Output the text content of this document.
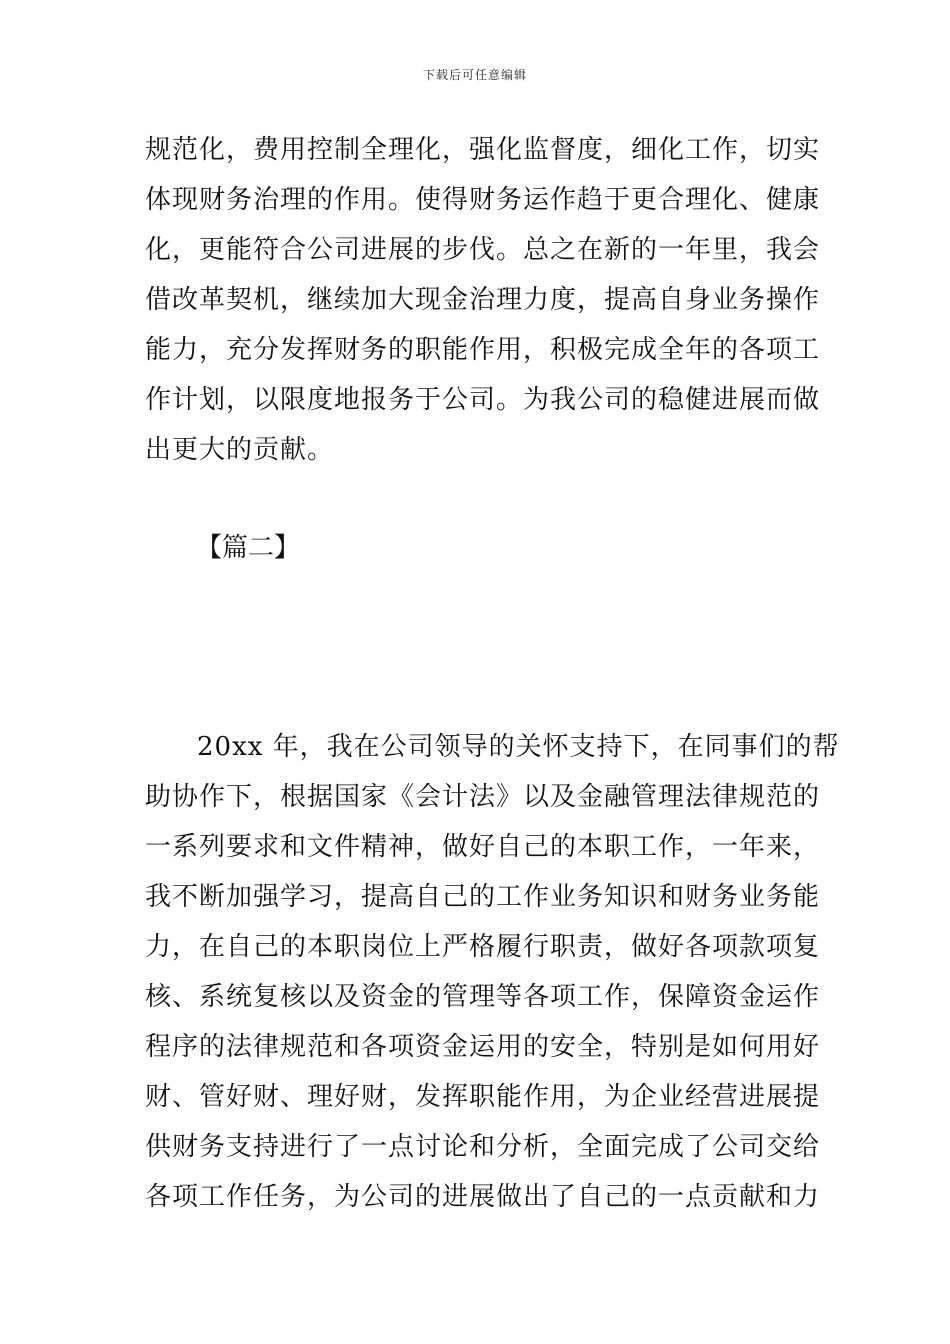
下载后可任意编辑
规范化，费用控制全理化，强化监督度，细化工作，切实
体现财务治理的作用。使得财务运作趋于更合理化、健康
化，更能符合公司进展的步伐。总之在新的一年里，我会
借改革契机，继续加大现金治理力度，提高自身业务操作
能力，充分发挥财务的职能作用，积极完成全年的各项工
作计划，以限度地报务于公司。为我公司的稳健进展而做
出更大的贡献。
【篇二】
20xx 年，我在公司领导的关怀支持下，在同事们的帮
助协作下，根据国家《会计法》以及金融管理法律规范的
一系列要求和文件精神，做好自己的本职工作，一年来，
我不断加强学习，提高自己的工作业务知识和财务业务能
力，在自己的本职岗位上严格履行职责，做好各项款项复
核、系统复核以及资金的管理等各项工作，保障资金运作
程序的法律规范和各项资金运用的安全，特别是如何用好
财、管好财、理好财，发挥职能作用，为企业经营进展提
供财务支持进行了一点讨论和分析，全面完成了公司交给
各项工作任务，为公司的进展做出了自己的一点贡献和力
